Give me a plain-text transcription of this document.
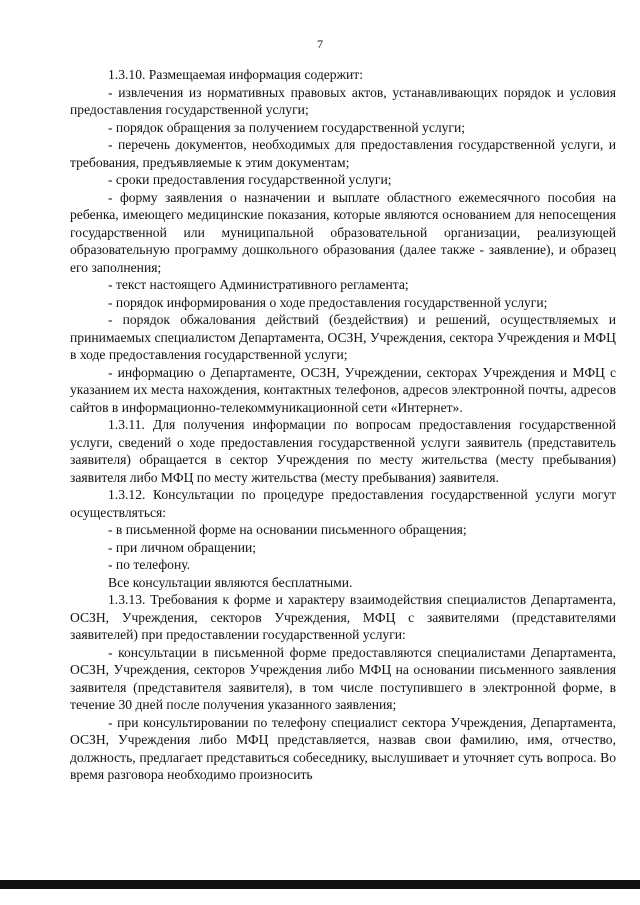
7

1.3.10. Размещаемая информация содержит:

- извлечения из нормативных правовых актов, устанавливающих порядок и условия предоставления государственной услуги;

- порядок обращения за получением государственной услуги;

- перечень документов, необходимых для предоставления государственной услуги, и требования, предъявляемые к этим документам;

- сроки предоставления государственной услуги;

- форму заявления о назначении и выплате областного ежемесячного пособия на ребенка, имеющего медицинские показания, которые являются основанием для непосещения государственной или муниципальной образовательной организации, реализующей образовательную программу дошкольного образования (далее также - заявление), и образец его заполнения;

- текст настоящего Административного регламента;

- порядок информирования о ходе предоставления государственной услуги;

- порядок обжалования действий (бездействия) и решений, осуществляемых и принимаемых специалистом Департамента, ОСЗН, Учреждения, сектора Учреждения и МФЦ в ходе предоставления государственной услуги;

- информацию о Департаменте, ОСЗН, Учреждении, секторах Учреждения и МФЦ с указанием их места нахождения, контактных телефонов, адресов электронной почты, адресов сайтов в информационно-телекоммуникационной сети «Интернет».

1.3.11. Для получения информации по вопросам предоставления государственной услуги, сведений о ходе предоставления государственной услуги заявитель (представитель заявителя) обращается в сектор Учреждения по месту жительства (месту пребывания) заявителя либо МФЦ по месту жительства (месту пребывания) заявителя.

1.3.12. Консультации по процедуре предоставления государственной услуги могут осуществляться:

- в письменной форме на основании письменного обращения;

- при личном обращении;

- по телефону.

Все консультации являются бесплатными.

1.3.13. Требования к форме и характеру взаимодействия специалистов Департамента, ОСЗН, Учреждения, секторов Учреждения, МФЦ с заявителями (представителями заявителей) при предоставлении государственной услуги:

- консультации в письменной форме предоставляются специалистами Департамента, ОСЗН, Учреждения, секторов Учреждения либо МФЦ на основании письменного заявления заявителя (представителя заявителя), в том числе поступившего в электронной форме, в течение 30 дней после получения указанного заявления;

- при консультировании по телефону специалист сектора Учреждения, Департамента, ОСЗН, Учреждения либо МФЦ представляется, назвав свои фамилию, имя, отчество, должность, предлагает представиться собеседнику, выслушивает и уточняет суть вопроса. Во время разговора необходимо произносить
